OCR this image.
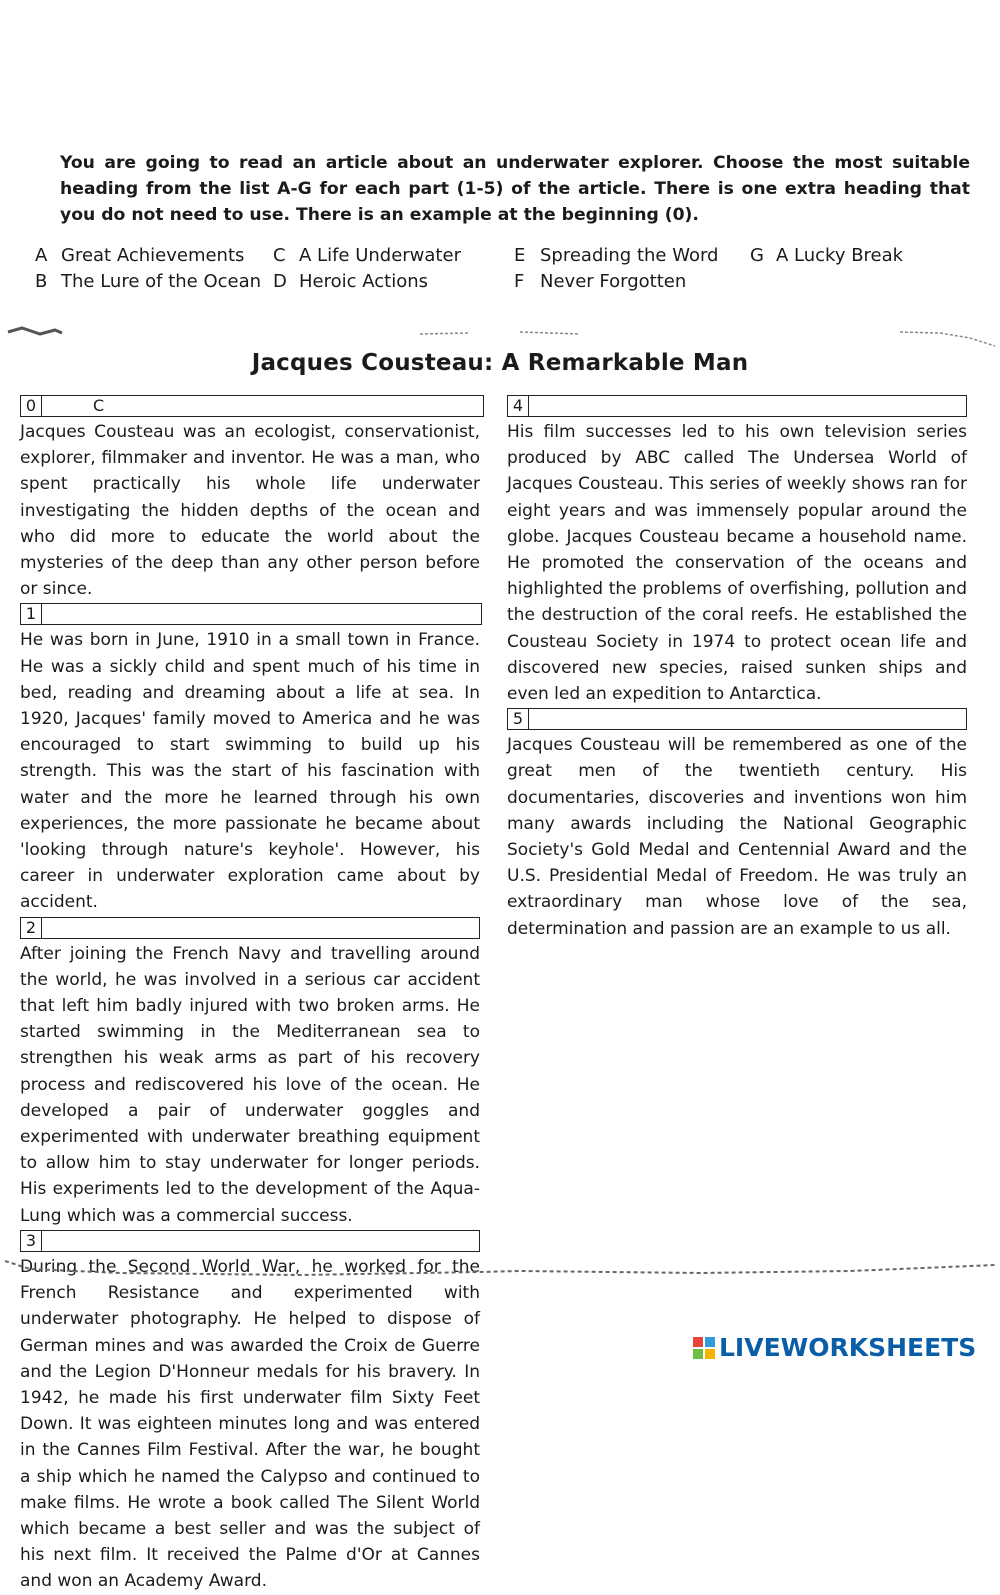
You are going to read an article about an underwater explorer. Choose the most suitable heading from the list A-G for each part (1-5) of the article. There is one extra heading that you do not need to use. There is an example at the beginning (0).
A Great Achievements
B The Lure of the Ocean
C A Life Underwater
D Heroic Actions
E Spreading the Word
F Never Forgotten
G A Lucky Break
Jacques Cousteau: A Remarkable Man
0	C

Jacques Cousteau was an ecologist, conservationist, explorer, filmmaker and inventor. He was a man, who spent practically his whole life underwater investigating the hidden depths of the ocean and who did more to educate the world about the mysteries of the deep than any other person before or since.

1

He was born in June, 1910 in a small town in France. He was a sickly child and spent much of his time in bed, reading and dreaming about a life at sea. In 1920, Jacques' family moved to America and he was encouraged to start swimming to build up his strength. This was the start of his fascination with water and the more he learned through his own experiences, the more passionate he became about 'looking through nature's keyhole'. However, his career in underwater exploration came about by accident.

2

After joining the French Navy and travelling around the world, he was involved in a serious car accident that left him badly injured with two broken arms. He started swimming in the Mediterranean sea to strengthen his weak arms as part of his recovery process and rediscovered his love of the ocean. He developed a pair of underwater goggles and experimented with underwater breathing equipment to allow him to stay underwater for longer periods. His experiments led to the development of the Aqua-Lung which was a commercial success.

3

During the Second World War, he worked for the French Resistance and experimented with underwater photography. He helped to dispose of German mines and was awarded the Croix de Guerre and the Legion D'Honneur medals for his bravery. In 1942, he made his first underwater film Sixty Feet Down. It was eighteen minutes long and was entered in the Cannes Film Festival. After the war, he bought a ship which he named the Calypso and continued to make films. He wrote a book called The Silent World which became a best seller and was the subject of his next film. It received the Palme d'Or at Cannes and won an Academy Award.

4

His film successes led to his own television series produced by ABC called The Undersea World of Jacques Cousteau. This series of weekly shows ran for eight years and was immensely popular around the globe. Jacques Cousteau became a household name. He promoted the conservation of the oceans and highlighted the problems of overfishing, pollution and the destruction of the coral reefs. He established the Cousteau Society in 1974 to protect ocean life and discovered new species, raised sunken ships and even led an expedition to Antarctica.

5

Jacques Cousteau will be remembered as one of the great men of the twentieth century. His documentaries, discoveries and inventions won him many awards including the National Geographic Society's Gold Medal and Centennial Award and the U.S. Presidential Medal of Freedom. He was truly an extraordinary man whose love of the sea, determination and passion are an example to us all.

LIVEWORKSHEETS
